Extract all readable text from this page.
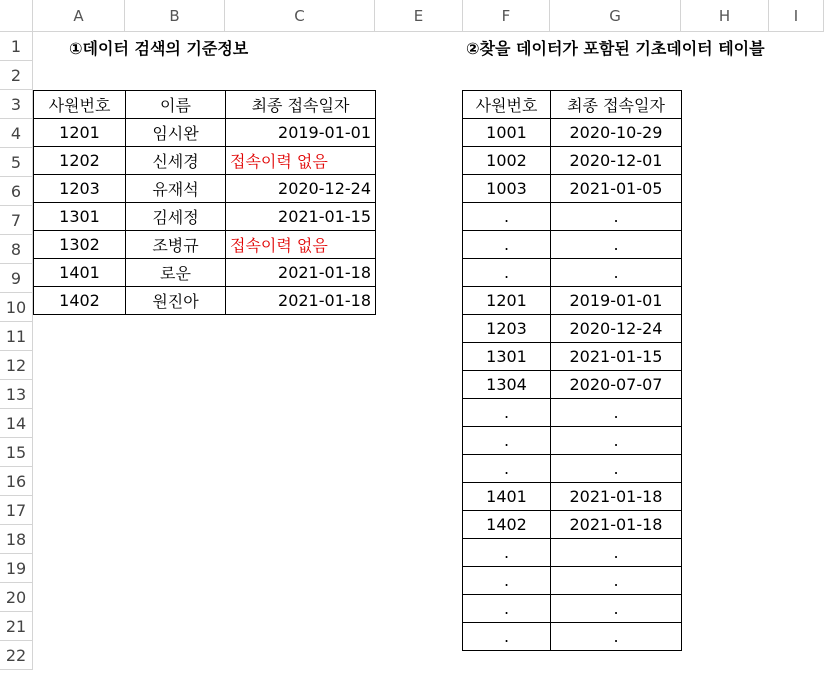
A	B	C	E	F	G	H	I
1
2
3
4
5
6
7
8
9
10
11
12
13
14
15
16
17
18
19
20
21
22
①데이터 검색의 기준정보	②찾을 데이터가 포함된 기초데이터 테이블
사원번호	이름	최종 접속일자
1201	임시완	2019-01-01
1202	신세경	접속이력 없음
1203	유재석	2020-12-24
1301	김세정	2021-01-15
1302	조병규	접속이력 없음
1401	로운	2021-01-18
1402	원진아	2021-01-18
사원번호	최종 접속일자
1001	2020-10-29
1002	2020-12-01
1003	2021-01-05
.	.
.	.
.	.
1201	2019-01-01
1203	2020-12-24
1301	2021-01-15
1304	2020-07-07
.	.
.	.
.	.
1401	2021-01-18
1402	2021-01-18
.	.
.	.
.	.
.	.
